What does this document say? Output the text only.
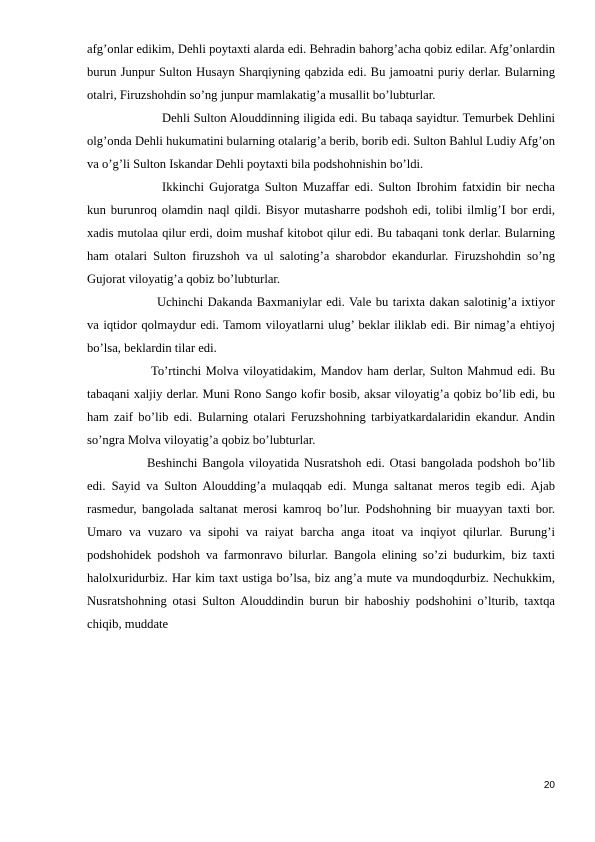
afg’onlar edikim, Dehli poytaxti alarda edi. Behradin bahorg’acha qobiz edilar. Afg’onlardin burun Junpur Sulton Husayn Sharqiyning qabzida edi. Bu jamoatni puriy derlar. Bularning otalri, Firuzshohdin so’ng junpur mamlakatig’a musallit bo’lubturlar.

Dehli Sulton Alouddinning iligida edi. Bu tabaqa sayidtur. Temurbek Dehlini olg’onda Dehli hukumatini bularning otalarig’a berib, borib edi. Sulton Bahlul Ludiy Afg’on va o’g’li Sulton Iskandar Dehli poytaxti bila podshohnishin bo’ldi.

Ikkinchi Gujoratga Sulton Muzaffar edi. Sulton Ibrohim fatxidin bir necha kun burunroq olamdin naql qildi. Bisyor mutasharre podshoh edi, tolibi ilmlig’I bor erdi, xadis mutolaa qilur erdi, doim mushaf kitobot qilur edi. Bu tabaqani tonk derlar. Bularning ham otalari Sulton firuzshoh va ul saloting’a sharobdor ekandurlar. Firuzshohdin so’ng Gujorat viloyatig’a qobiz bo’lubturlar.

Uchinchi Dakanda Baxmaniylar edi. Vale bu tarixta dakan salotinig’a ixtiyor va iqtidor qolmaydur edi. Tamom viloyatlarni ulug’ beklar iliklab edi. Bir nimag’a ehtiyoj bo’lsa, beklardin tilar edi.

To’rtinchi Molva viloyatidakim, Mandov ham derlar, Sulton Mahmud edi. Bu tabaqani xaljiy derlar. Muni Rono Sango kofir bosib, aksar viloyatig’a qobiz bo’lib edi, bu ham zaif bo’lib edi. Bularning otalari Feruzshohning tarbiyatkardalaridin ekandur. Andin so’ngra Molva viloyatig’a qobiz bo’lubturlar.

Beshinchi Bangola viloyatida Nusratshoh edi. Otasi bangolada podshoh bo’lib edi. Sayid va Sulton Aloudding’a mulaqqab edi. Munga saltanat meros tegib edi. Ajab rasmedur, bangolada saltanat merosi kamroq bo’lur. Podshohning bir muayyan taxti bor. Umaro va vuzaro va sipohi va raiyat barcha anga itoat va inqiyot qilurlar. Burung’i podshohidek podshoh va farmonravo bilurlar. Bangola elining so’zi budurkim, biz taxti halolxuridurbiz. Har kim taxt ustiga bo’lsa, biz ang’a mute va mundoqdurbiz. Nechukkim, Nusratshohning otasi Sulton Alouddindin burun bir haboshiy podshohini o’lturib, taxtqa chiqib, muddate

20
